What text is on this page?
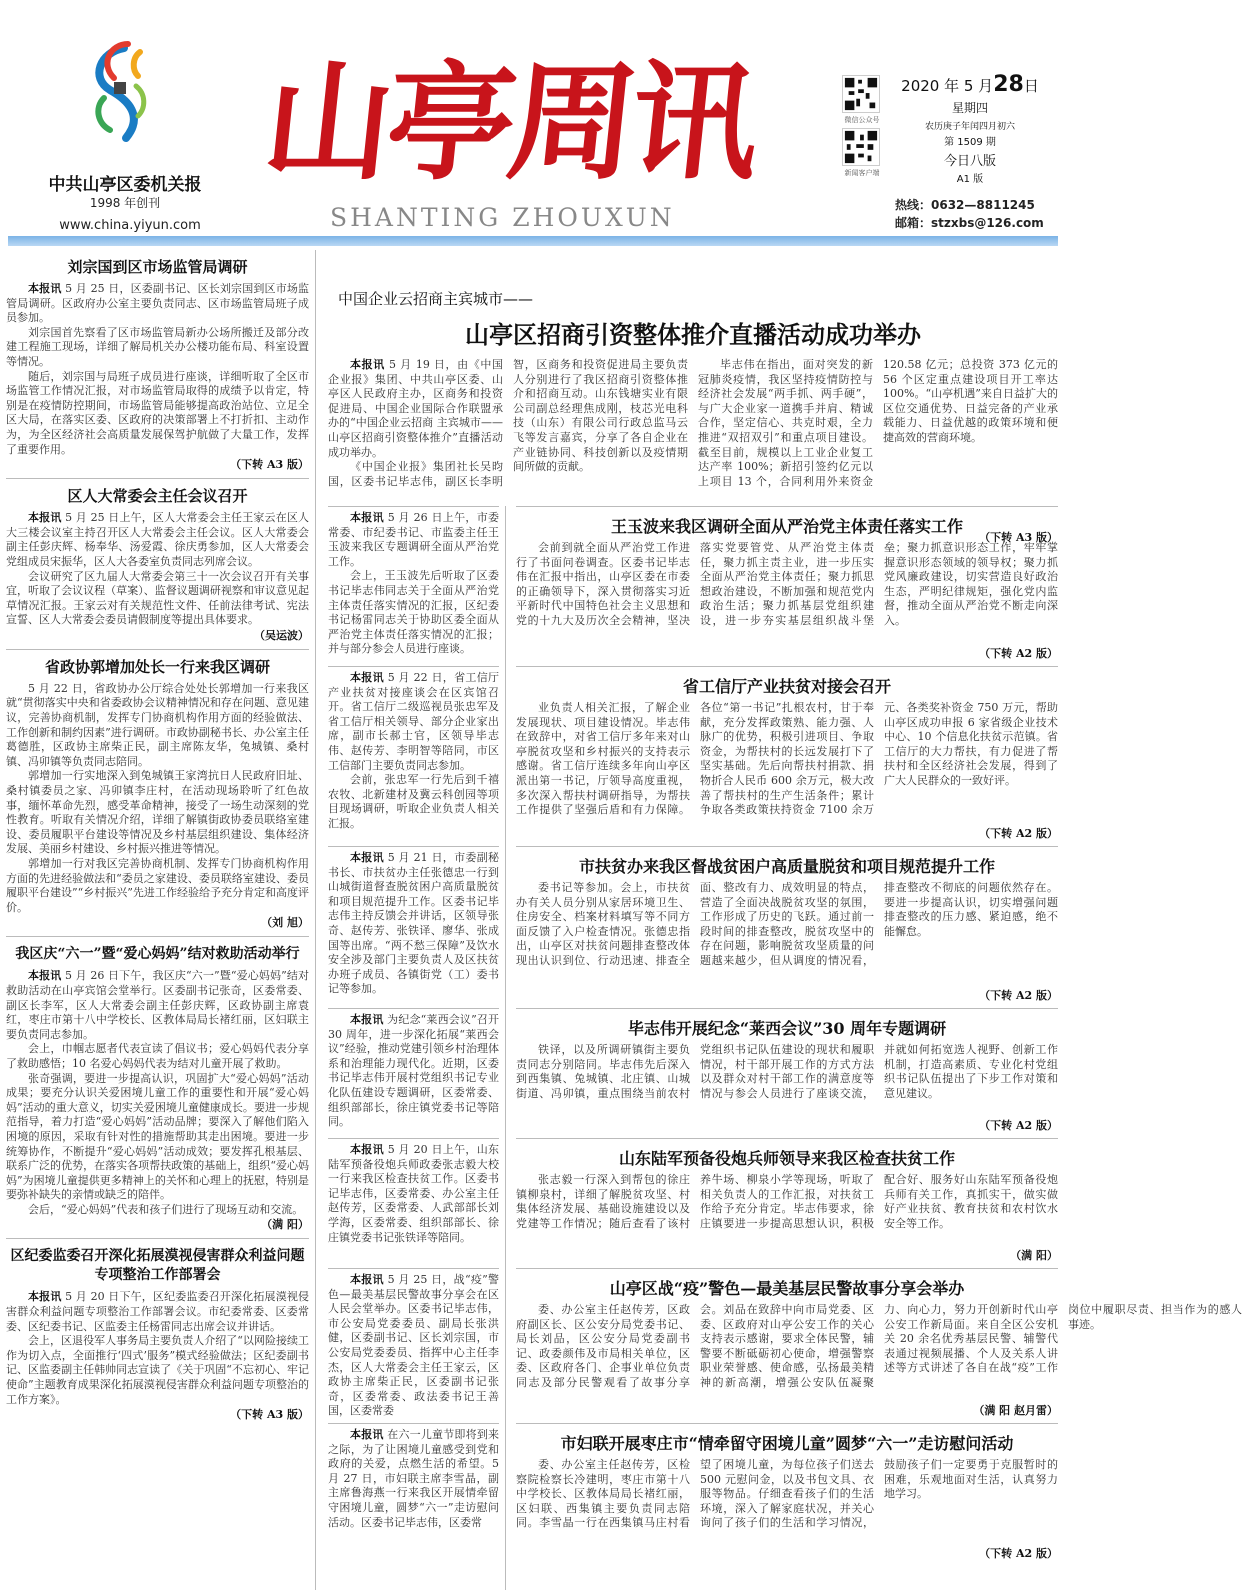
中共山亭区委机关报
1998 年创刊
www.china.yiyun.com
山亭周讯
SHANTING ZHOUXUN
微信公众号
新闻客户端
2020 年 5 月28日
星期四
农历庚子年闰四月初六
第 1509 期
今日八版
A1 版
热线：0632—8811245
邮箱：stzxbs@126.com
刘宗国到区市场监管局调研

本报讯 5 月 25 日，区委副书记、区长刘宗国到区市场监管局调研。区政府办公室主要负责同志、区市场监管局班子成员参加。

刘宗国首先察看了区市场监管局新办公场所搬迁及部分改建工程施工现场，详细了解局机关办公楼功能布局、科室设置等情况。

随后，刘宗国与局班子成员进行座谈，详细听取了全区市场监管工作情况汇报，对市场监管局取得的成绩予以肯定，特别是在疫情防控期间，市场监管局能够提高政治站位、立足全区大局，在落实区委、区政府的决策部署上不打折扣、主动作为，为全区经济社会高质量发展保驾护航做了大量工作，发挥了重要作用。

（下转 A3 版）
区人大常委会主任会议召开

本报讯 5 月 25 日上午，区人大常委会主任王家云在区人大三楼会议室主持召开区人大常委会主任会议。区人大常委会副主任彭庆辉、杨奉华、汤爱霞、徐庆勇参加，区人大常委会党组成员宋振华，区人大各委室负责同志列席会议。

会议研究了区九届人大常委会第三十一次会议召开有关事宜，听取了会议议程（草案）、监督议题调研视察和审议意见起草情况汇报。王家云对有关规范性文件、任前法律考试、宪法宣誓、区人大常委会委员请假制度等提出具体要求。

（吴运波）
省政协郭增加处长一行来我区调研

5 月 22 日，省政协办公厅综合处处长郭增加一行来我区就“贯彻落实中央和省委政协会议精神情况和存在问题、意见建议，完善协商机制，发挥专门协商机构作用方面的经验做法、工作创新和制约因素”进行调研。市政协副秘书长、办公室主任葛德胜，区政协主席柴正民，副主席陈友华，兔城镇、桑村镇、冯卯镇等负责同志陪同。

郭增加一行实地深入到兔城镇王家湾抗日人民政府旧址、桑村镇委员之家、冯卯镇李庄村，在活动现场聆听了红色故事，缅怀革命先烈，感受革命精神，接受了一场生动深刻的党性教育。听取有关情况介绍，详细了解镇街政协委员联络室建设、委员履职平台建设等情况及乡村基层组织建设、集体经济发展、美丽乡村建设、乡村振兴推进等情况。

郭增加一行对我区完善协商机制、发挥专门协商机构作用方面的先进经验做法和“委员之家建设、委员联络室建设、委员履职平台建设”“乡村振兴”先进工作经验给予充分肯定和高度评价。

（刘 旭）
我区庆“六一”暨“爱心妈妈”结对救助活动举行

本报讯 5 月 26 日下午，我区庆“六一”暨“爱心妈妈”结对救助活动在山亭宾馆会堂举行。区委副书记张奇，区委常委、副区长李军，区人大常委会副主任彭庆辉，区政协副主席袁红，枣庄市第十八中学校长、区教体局局长褚红丽，区妇联主要负责同志参加。

会上，巾帼志愿者代表宣读了倡议书；爱心妈妈代表分享了救助感悟；10 名爱心妈妈代表为结对儿童开展了救助。

张奇强调，要进一步提高认识，巩固扩大“爱心妈妈”活动成果；要充分认识关爱困境儿童工作的重要性和开展“爱心妈妈”活动的重大意义，切实关爱困境儿童健康成长。要进一步规范指导，着力打造“爱心妈妈”活动品牌；要深入了解他们陷入困境的原因，采取有针对性的措施帮助其走出困境。要进一步统筹协作，不断提升“爱心妈妈”活动成效；要发挥孔根基层、联系广泛的优势，在落实各项帮扶政策的基础上，组织“爱心妈妈”为困境儿童提供更多精神上的关怀和心理上的抚慰，特别是要弥补缺失的亲情或缺乏的陪伴。

会后，“爱心妈妈”代表和孩子们进行了现场互动和交流。

（满 阳）
区纪委监委召开深化拓展漠视侵害群众利益问题专项整治工作部署会

本报讯 5 月 20 日下午，区纪委监委召开深化拓展漠视侵害群众利益问题专项整治工作部署会议。市纪委常委、区委常委、区纪委书记、区监委主任杨雷同志出席会议并讲话。

会上，区退役军人事务局主要负责人介绍了“以网险接续工作为切入点，全面推行‘四式’服务”模式经验做法；区纪委副书记、区监委副主任韩帅同志宣读了《关于巩固“不忘初心、牢记使命”主题教育成果深化拓展漠视侵害群众利益问题专项整治的工作方案》。

（下转 A3 版）
中国企业云招商主宾城市——
山亭区招商引资整体推介直播活动成功举办

本报讯 5 月 19 日，由《中国企业报》集团、中共山亭区委、山亭区人民政府主办，区商务和投资促进局、中国企业国际合作联盟承办的“中国企业云招商 主宾城市——山亭区招商引资整体推介”直播活动成功举办。

《中国企业报》集团社长吴昀国，区委书记毕志伟，副区长李明智，区商务和投资促进局主要负责人分别进行了我区招商引资整体推介和招商互动。山东钱塘实业有限公司副总经理焦成刚，枝芯光电科技（山东）有限公司行政总监马云飞等发言嘉宾，分享了各自企业在产业链协同、科技创新以及疫情期间所做的贡献。

毕志伟在指出，面对突发的新冠肺炎疫情，我区坚持疫情防控与经济社会发展“两手抓、两手硬”，与广大企业家一道携手并肩、精诚合作，坚定信心、共克时艰，全力推进“双招双引”和重点项目建设。截至目前，规模以上工业企业复工达产率 100%；新招引签约亿元以上项目 13 个，合同利用外来资金 120.58 亿元；总投资 373 亿元的 56 个区定重点建设项目开工率达 100%。“山亭机遇”来自日益扩大的区位交通优势、日益完备的产业承载能力、日益优越的政策环境和便捷高效的营商环境。

（下转 A3 版）

本报讯 5 月 26 日上午，市委常委、市纪委书记、市监委主任王玉波来我区专题调研全面从严治党工作。

会上，王玉波先后听取了区委书记毕志伟同志关于全面从严治党主体责任落实情况的汇报，区纪委书记杨雷同志关于协助区委全面从严治党主体责任落实情况的汇报；并与部分参会人员进行座谈。

本报讯 5 月 22 日，省工信厅产业扶贫对接座谈会在区宾馆召开。省工信厅二级巡视员张忠军及省工信厅相关领导、部分企业家出席，副市长郝士官，区领导毕志伟、赵传芳、李明智等陪同，市区工信部门主要负责同志参加。

会前，张忠军一行先后到千禧农牧、北新建材及冀云科创园等项目现场调研，听取企业负责人相关汇报。

本报讯 5 月 21 日，市委副秘书长、市扶贫办主任张德忠一行到山城街道督查脱贫困户高质量脱贫和项目规范提升工作。区委书记毕志伟主持反馈会并讲话，区领导张奇、赵传芳、张铁译、廖华、张成国等出席。“两不愁三保障”及饮水安全涉及部门主要负责人及区扶贫办班子成员、各镇街党（工）委书记等参加。

本报讯 为纪念“莱西会议”召开 30 周年，进一步深化拓展“莱西会议”经验，推动党建引领乡村治理体系和治理能力现代化。近期，区委书记毕志伟开展村党组织书记专业化队伍建设专题调研，区委常委、组织部部长，徐庄镇党委书记等陪同。

本报讯 5 月 20 日上午，山东陆军预备役炮兵师政委张志毅大校一行来我区检查扶贫工作。区委书记毕志伟，区委常委、办公室主任赵传芳，区委常委、人武部部长刘学海，区委常委、组织部部长、徐庄镇党委书记张铁译等陪同。

本报讯 5 月 25 日，战“疫”警色—最美基层民警故事分享会在区人民会堂举办。区委书记毕志伟，市公安局党委委员、副局长张洪健，区委副书记、区长刘宗国，市公安局党委委员、指挥中心主任李杰，区人大常委会主任王家云，区政协主席柴正民，区委副书记张奇，区委常委、政法委书记王善国，区委常委

本报讯 在六一儿童节即将到来之际，为了让困境儿童感受到党和政府的关爱，点燃生活的希望。5 月 27 日，市妇联主席李雪晶，副主席鲁海燕一行来我区开展情牵留守困境儿童，圆梦“六一”走访慰问活动。区委书记毕志伟，区委常

王玉波来我区调研全面从严治党主体责任落实工作

会前到就全面从严治党工作进行了书面问卷调查。区委书记毕志伟在汇报中指出，山亭区委在市委的正确领导下，深入贯彻落实习近平新时代中国特色社会主义思想和党的十九大及历次全会精神，坚决落实党要管党、从严治党主体责任，聚力抓主责主业，进一步压实全面从严治党主体责任；聚力抓思想政治建设，不断加强和规范党内政治生活；聚力抓基层党组织建设，进一步夯实基层组织战斗堡垒；聚力抓意识形态工作，牢牢掌握意识形态领域的领导权；聚力抓党风廉政建设，切实营造良好政治生态，严明纪律规矩，强化党内监督，推动全面从严治党不断走向深入。

（下转 A2 版）
省工信厅产业扶贫对接会召开

业负责人相关汇报，了解企业发展现状、项目建设情况。毕志伟在致辞中，对省工信厅多年来对山亭脱贫攻坚和乡村振兴的支持表示感谢。省工信厅连续多年向山亭区派出第一书记，厅领导高度重视，多次深入帮扶村调研指导，为帮扶工作提供了坚强后盾和有力保障。各位“第一书记”扎根农村，甘于奉献，充分发挥政策熟、能力强、人脉广的优势，积极引进项目、争取资金，为帮扶村的长远发展打下了坚实基础。先后向帮扶村捐款、捐物折合人民币 600 余万元，极大改善了帮扶村的生产生活条件；累计争取各类政策扶持资金 7100 余万元、各类奖补资金 750 万元，帮助山亭区成功申报 6 家省级企业技术中心、10 个信息化扶贫示范镇。省工信厅的大力帮扶，有力促进了帮扶村和全区经济社会发展，得到了广大人民群众的一致好评。

（下转 A2 版）
市扶贫办来我区督战贫困户高质量脱贫和项目规范提升工作

委书记等参加。会上，市扶贫办有关人员分别从家居环境卫生、住房安全、档案材料填写等不同方面反馈了入户检查情况。张德忠指出，山亭区对扶贫问题排查整改体现出认识到位、行动迅速、排查全面、整改有力、成效明显的特点，营造了全面决战脱贫攻坚的氛围，工作形成了历史的飞跃。通过前一段时间的排查整改，脱贫攻坚中的存在问题，影响脱贫攻坚质量的问题越来越少，但从调度的情况看，排查整改不彻底的问题依然存在。要进一步提高认识，切实增强问题排查整改的压力感、紧迫感，绝不能懈怠。

（下转 A2 版）
毕志伟开展纪念“莱西会议”30 周年专题调研

铁译，以及所调研镇街主要负责同志分别陪同。毕志伟先后深入到西集镇、兔城镇、北庄镇、山城街道、冯卯镇，重点围绕当前农村党组织书记队伍建设的现状和履职情况，村干部开展工作的方式方法以及群众对村干部工作的满意度等情况与参会人员进行了座谈交流，并就如何拓宽选人视野、创新工作机制，打造高素质、专业化村党组织书记队伍提出了下步工作对策和意见建议。

（下转 A2 版）
山东陆军预备役炮兵师领导来我区检查扶贫工作

张志毅一行深入到帮包的徐庄镇柳泉村，详细了解脱贫攻坚、村集体经济发展、基础设施建设以及党建等工作情况；随后查看了该村养牛场、柳泉小学等现场，听取了相关负责人的工作汇报，对扶贫工作给予充分肯定。毕志伟要求，徐庄镇要进一步提高思想认识，积极配合好、服务好山东陆军预备役炮兵师有关工作，真抓实干，做实做好产业扶贫、教育扶贫和农村饮水安全等工作。

（满 阳）
山亭区战“疫”警色—最美基层民警故事分享会举办

委、办公室主任赵传芳，区政府副区长、区公安分局党委书记、局长刘品，区公安分局党委副书记、政委颜伟及市局相关单位，区委、区政府各门、企事业单位负责同志及部分民警观看了故事分享会。刘品在致辞中向市局党委、区委、区政府对山亭公安工作的关心支持表示感谢，要求全体民警，辅警要不断砥砺初心使命，增强警察职业荣誉感、使命感，弘扬最美精神的新高潮，增强公安队伍凝聚力、向心力，努力开创新时代山亭公安工作新局面。来自全区公安机关 20 余名优秀基层民警、辅警代表通过视频展播、个人及关系人讲述等方式讲述了各自在战“疫”工作岗位中履职尽责、担当作为的感人事迹。

（满 阳 赵月雷）
市妇联开展枣庄市“情牵留守困境儿童”圆梦“六一”走访慰问活动

委、办公室主任赵传芳，区检察院检察长冷建明，枣庄市第十八中学校长、区教体局局长褚红丽，区妇联、西集镇主要负责同志陪同。李雪晶一行在西集镇马庄村看望了困境儿童，为每位孩子们送去 500 元慰问金，以及书包文具、衣服等物品。仔细查看孩子们的生活环境，深入了解家庭状况，并关心询问了孩子们的生活和学习情况，鼓励孩子们一定要勇于克服暂时的困难，乐观地面对生活，认真努力地学习。

（下转 A2 版）
